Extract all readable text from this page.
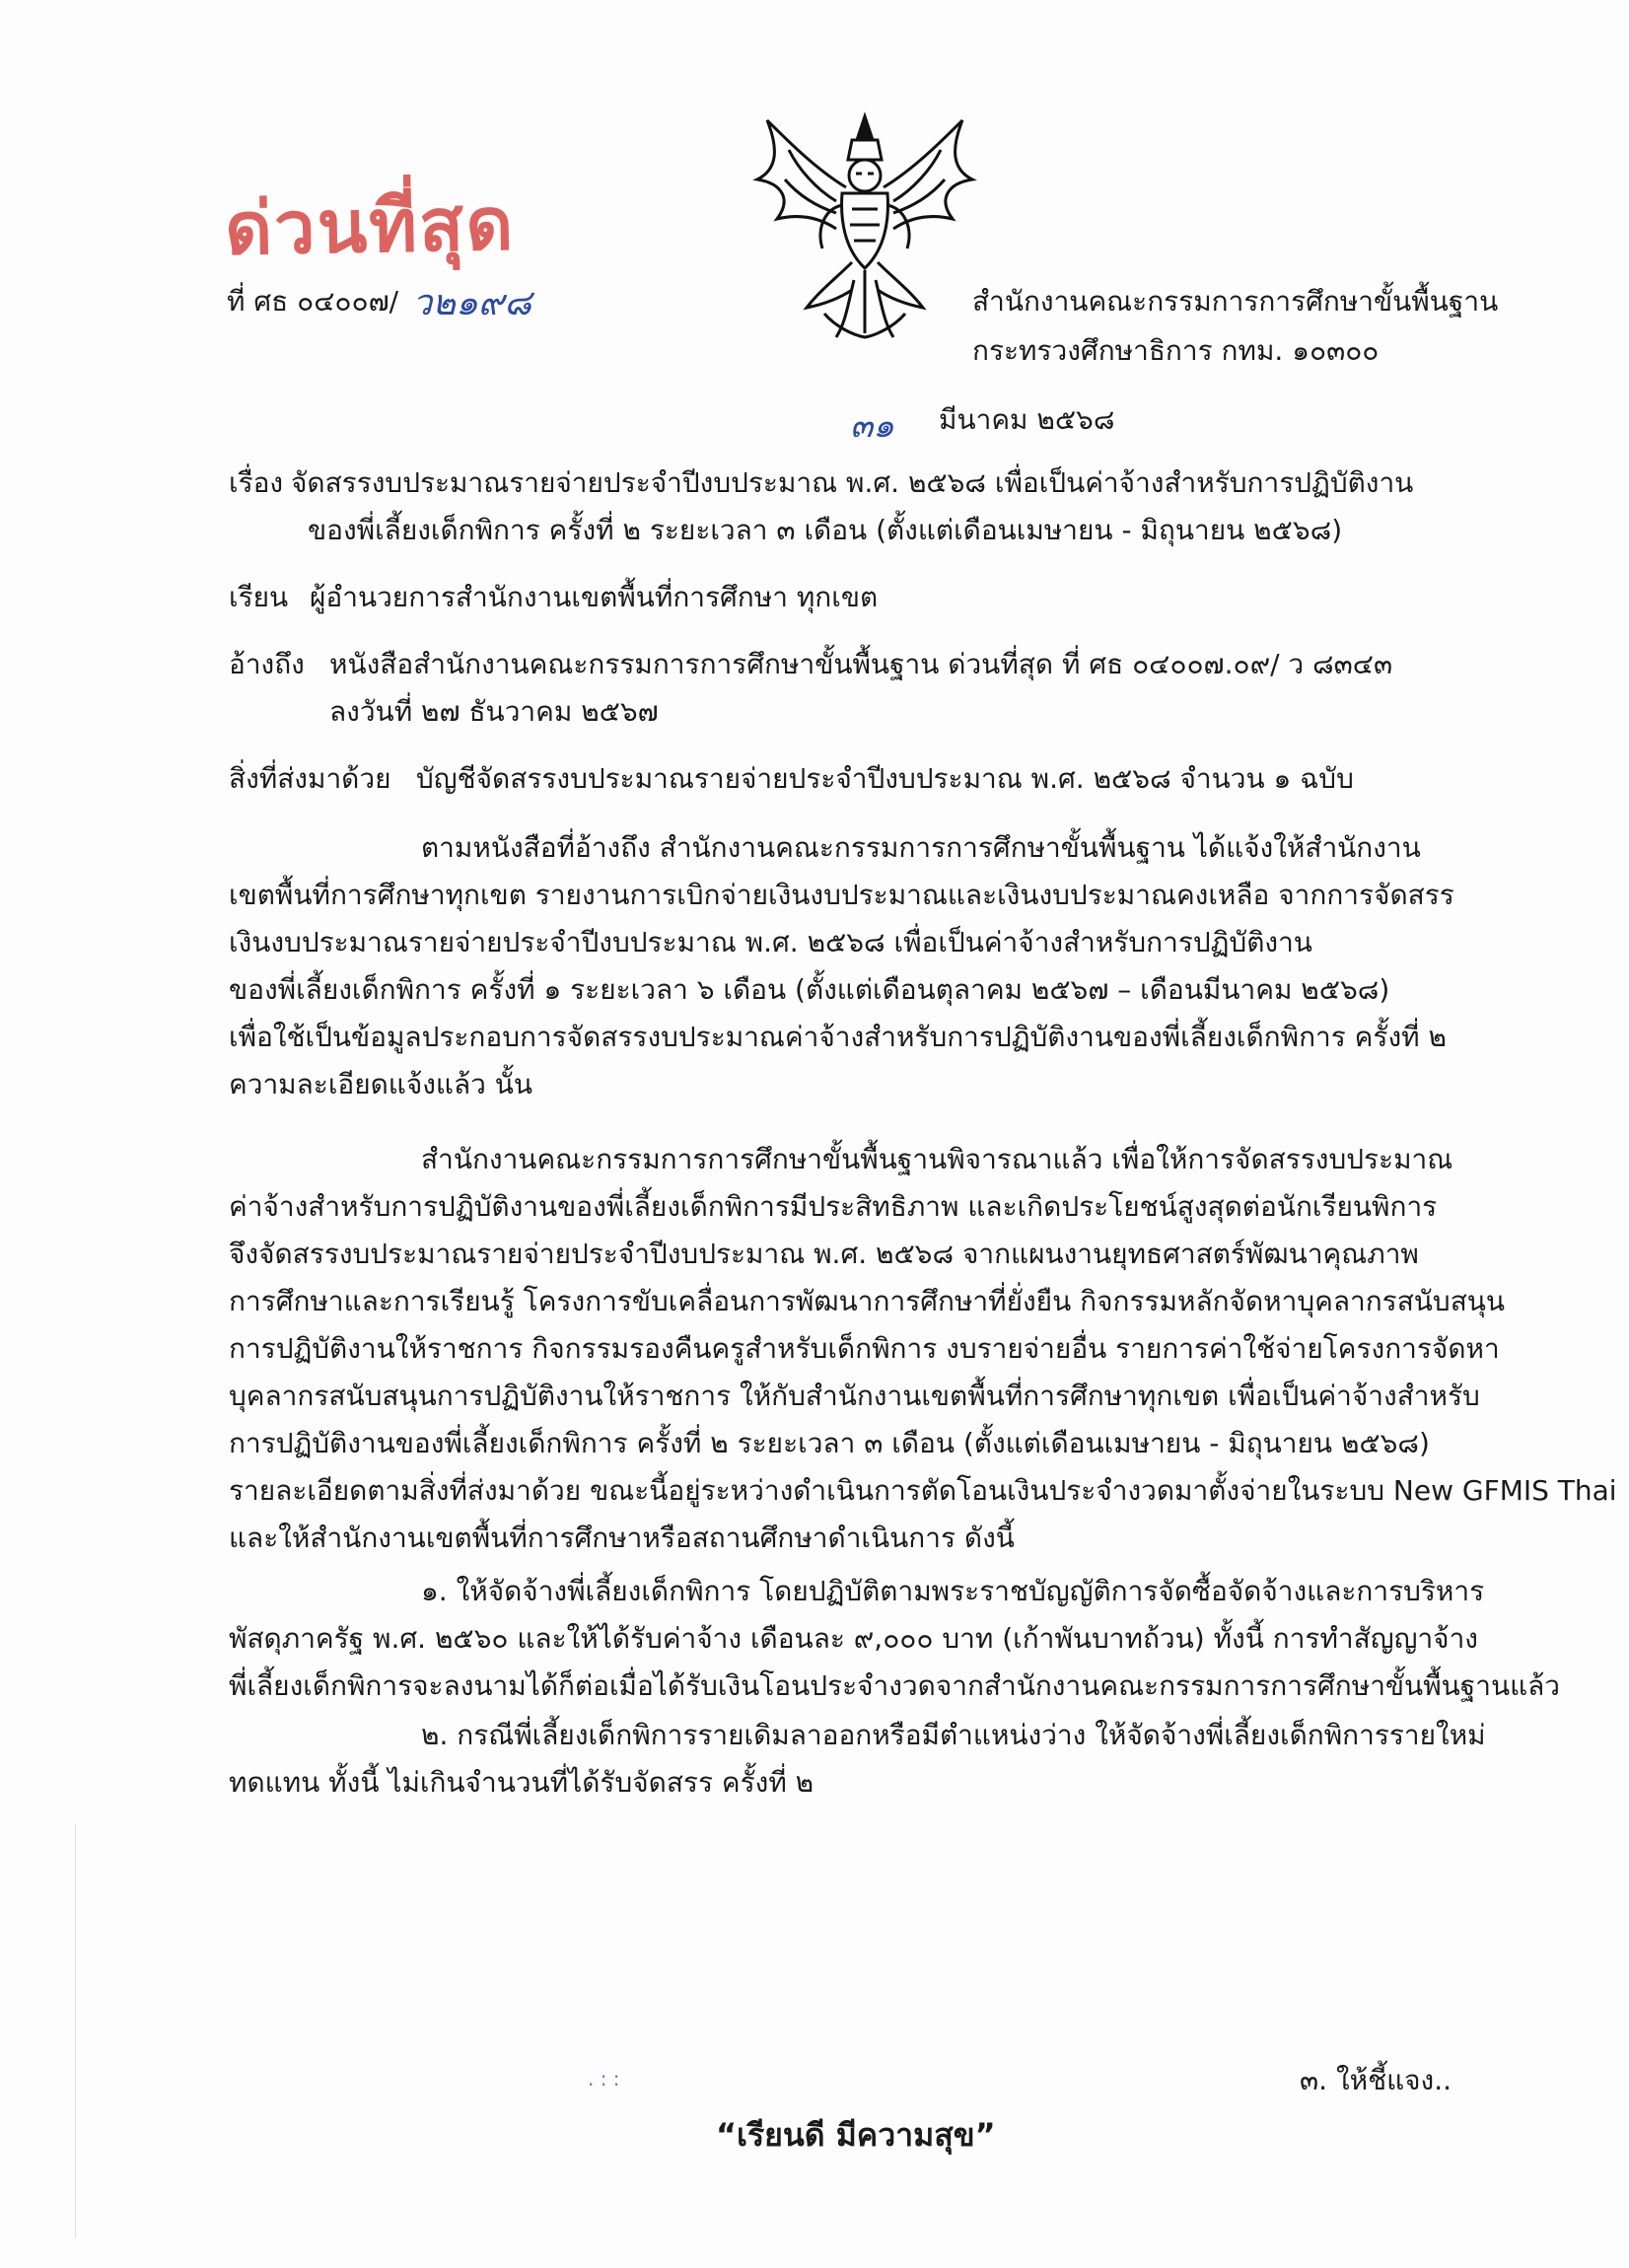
ด่วนที่สุด
ที่ ศธ ๐๔๐๐๗/ ว๒๑๙๘	สำนักงานคณะกรรมการการศึกษาขั้นพื้นฐาน
กระทรวงศึกษาธิการ กทม. ๑๐๓๐๐
๓๑ มีนาคม ๒๕๖๘
เรื่อง จัดสรรงบประมาณรายจ่ายประจำปีงบประมาณ พ.ศ. ๒๕๖๘ เพื่อเป็นค่าจ้างสำหรับการปฏิบัติงาน
ของพี่เลี้ยงเด็กพิการ ครั้งที่ ๒ ระยะเวลา ๓ เดือน (ตั้งแต่เดือนเมษายน - มิถุนายน ๒๕๖๘)
เรียน ผู้อำนวยการสำนักงานเขตพื้นที่การศึกษา ทุกเขต
อ้างถึง หนังสือสำนักงานคณะกรรมการการศึกษาขั้นพื้นฐาน ด่วนที่สุด ที่ ศธ ๐๔๐๐๗.๐๙/ ว ๘๓๔๓
ลงวันที่ ๒๗ ธันวาคม ๒๕๖๗
สิ่งที่ส่งมาด้วย บัญชีจัดสรรงบประมาณรายจ่ายประจำปีงบประมาณ พ.ศ. ๒๕๖๘ จำนวน ๑ ฉบับ
ตามหนังสือที่อ้างถึง สำนักงานคณะกรรมการการศึกษาขั้นพื้นฐาน ได้แจ้งให้สำนักงาน
เขตพื้นที่การศึกษาทุกเขต รายงานการเบิกจ่ายเงินงบประมาณและเงินงบประมาณคงเหลือ จากการจัดสรร
เงินงบประมาณรายจ่ายประจำปีงบประมาณ พ.ศ. ๒๕๖๘ เพื่อเป็นค่าจ้างสำหรับการปฏิบัติงาน
ของพี่เลี้ยงเด็กพิการ ครั้งที่ ๑ ระยะเวลา ๖ เดือน (ตั้งแต่เดือนตุลาคม ๒๕๖๗ – เดือนมีนาคม ๒๕๖๘)
เพื่อใช้เป็นข้อมูลประกอบการจัดสรรงบประมาณค่าจ้างสำหรับการปฏิบัติงานของพี่เลี้ยงเด็กพิการ ครั้งที่ ๒
ความละเอียดแจ้งแล้ว นั้น
สำนักงานคณะกรรมการการศึกษาขั้นพื้นฐานพิจารณาแล้ว เพื่อให้การจัดสรรงบประมาณ
ค่าจ้างสำหรับการปฏิบัติงานของพี่เลี้ยงเด็กพิการมีประสิทธิภาพ และเกิดประโยชน์สูงสุดต่อนักเรียนพิการ
จึงจัดสรรงบประมาณรายจ่ายประจำปีงบประมาณ พ.ศ. ๒๕๖๘ จากแผนงานยุทธศาสตร์พัฒนาคุณภาพ
การศึกษาและการเรียนรู้ โครงการขับเคลื่อนการพัฒนาการศึกษาที่ยั่งยืน กิจกรรมหลักจัดหาบุคลากรสนับสนุน
การปฏิบัติงานให้ราชการ กิจกรรมรองคืนครูสำหรับเด็กพิการ งบรายจ่ายอื่น รายการค่าใช้จ่ายโครงการจัดหา
บุคลากรสนับสนุนการปฏิบัติงานให้ราชการ ให้กับสำนักงานเขตพื้นที่การศึกษาทุกเขต เพื่อเป็นค่าจ้างสำหรับ
การปฏิบัติงานของพี่เลี้ยงเด็กพิการ ครั้งที่ ๒ ระยะเวลา ๓ เดือน (ตั้งแต่เดือนเมษายน - มิถุนายน ๒๕๖๘)
รายละเอียดตามสิ่งที่ส่งมาด้วย ขณะนี้อยู่ระหว่างดำเนินการตัดโอนเงินประจำงวดมาตั้งจ่ายในระบบ New GFMIS Thai
และให้สำนักงานเขตพื้นที่การศึกษาหรือสถานศึกษาดำเนินการ ดังนี้
๑. ให้จัดจ้างพี่เลี้ยงเด็กพิการ โดยปฏิบัติตามพระราชบัญญัติการจัดซื้อจัดจ้างและการบริหาร
พัสดุภาครัฐ พ.ศ. ๒๕๖๐ และให้ได้รับค่าจ้าง เดือนละ ๙,๐๐๐ บาท (เก้าพันบาทถ้วน) ทั้งนี้ การทำสัญญาจ้าง
พี่เลี้ยงเด็กพิการจะลงนามได้ก็ต่อเมื่อได้รับเงินโอนประจำงวดจากสำนักงานคณะกรรมการการศึกษาขั้นพื้นฐานแล้ว
๒. กรณีพี่เลี้ยงเด็กพิการรายเดิมลาออกหรือมีตำแหน่งว่าง ให้จัดจ้างพี่เลี้ยงเด็กพิการรายใหม่
ทดแทน ทั้งนี้ ไม่เกินจำนวนที่ได้รับจัดสรร ครั้งที่ ๒
. : :	๓. ให้ชี้แจง..
“เรียนดี มีความสุข”
